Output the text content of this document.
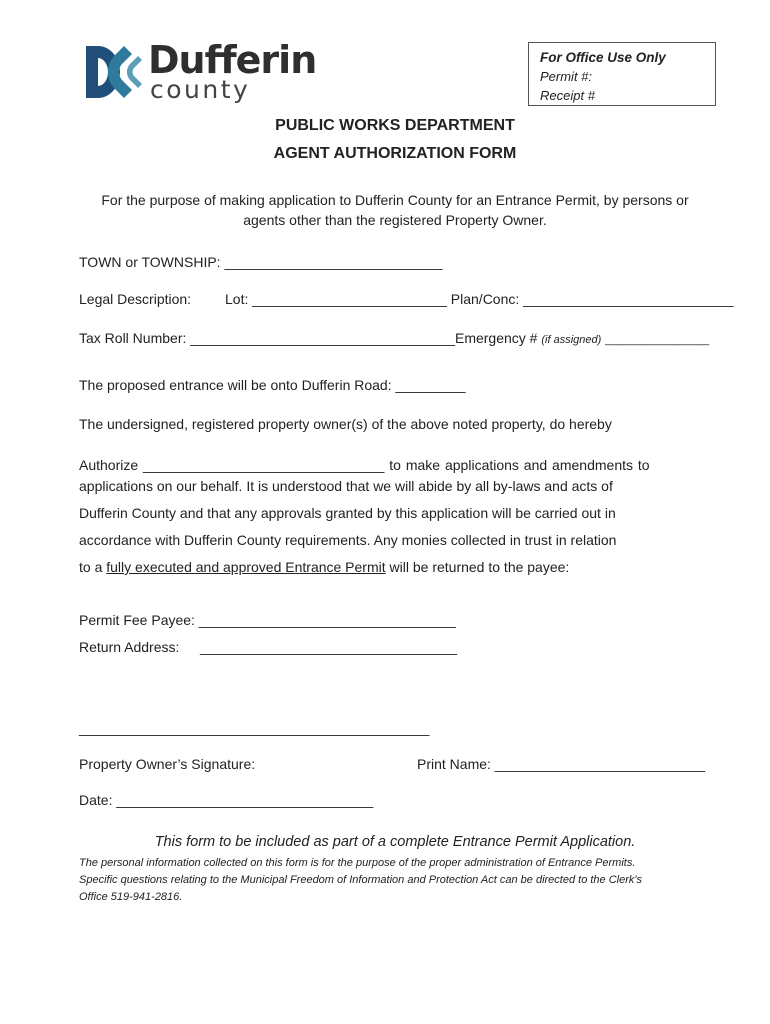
Dufferin
county
For Office Use Only
Permit #:
Receipt #
PUBLIC WORKS DEPARTMENT
AGENT AUTHORIZATION FORM
For the purpose of making application to Dufferin County for an Entrance Permit, by persons or
agents other than the registered Property Owner.
TOWN or TOWNSHIP: ____________________________
Legal Description: Lot: _________________________ Plan/Conc: ___________________________
Tax Roll Number: __________________________________Emergency # (if assigned) _________________
The proposed entrance will be onto Dufferin Road: _________
The undersigned, registered property owner(s) of the above noted property, do hereby
Authorize _______________________________ to make applications and amendments to
applications on our behalf. It is understood that we will abide by all by-laws and acts of
Dufferin County and that any approvals granted by this application will be carried out in
accordance with Dufferin County requirements. Any monies collected in trust in relation
to a fully executed and approved Entrance Permit will be returned to the payee:
Permit Fee Payee: _________________________________
Return Address: _________________________________
_____________________________________________
Property Owner’s Signature:	Print Name: ___________________________
Date: _________________________________
This form to be included as part of a complete Entrance Permit Application.
The personal information collected on this form is for the purpose of the proper administration of Entrance Permits.
Specific questions relating to the Municipal Freedom of Information and Protection Act can be directed to the Clerk's
Office 519-941-2816.
